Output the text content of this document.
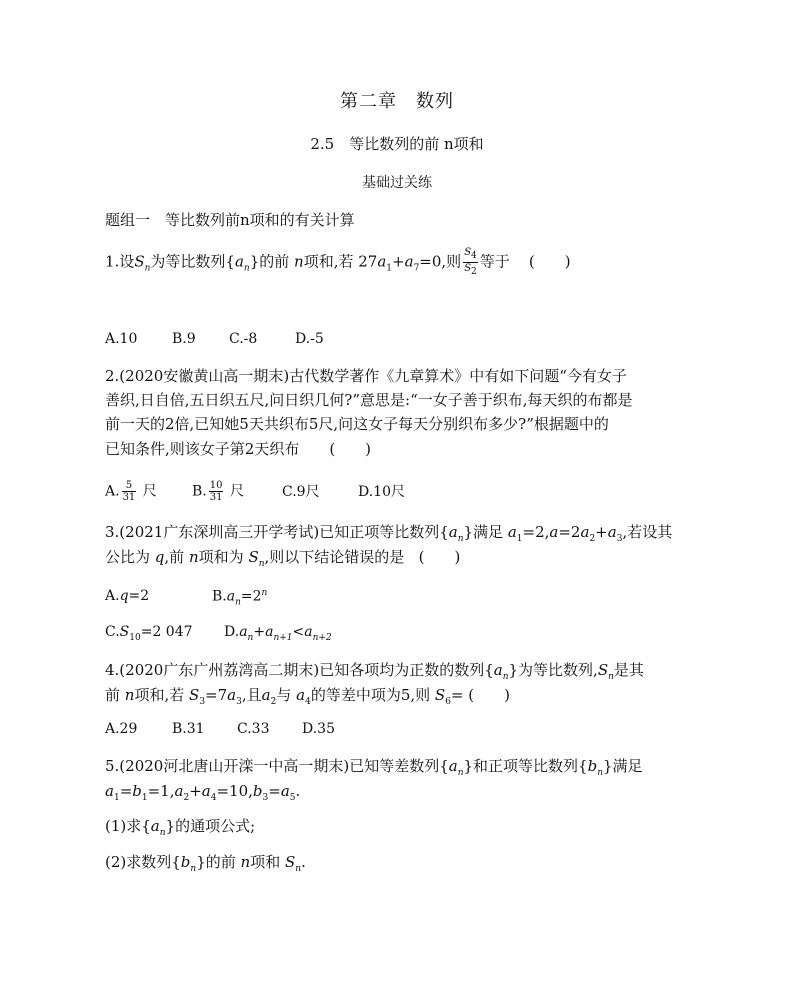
第二章　数列
2.5　等比数列的前 n项和
基础过关练
题组一　等比数列前n项和的有关计算
1.设$S_n$为等比数列$\{a_n\}$的前 n项和,若 $27a_1+a_7=0$,则 $\frac{S_4}{S_2}$ 等于 (　　)
A.10 B.9 C.-8	D.-5
2.(2020安徽黄山高一期末)古代数学著作《九章算术》中有如下问题“今有女子
善织,日自倍,五日织五尺,问日织几何?”意思是:“一女子善于织布,每天织的布都是
前一天的2倍,已知她5天共织布5尺,问这女子每天分别织布多少?”根据题中的
已知条件,则该女子第2天织布　　(　　)
A. $\frac{5}{31}$ 尺	B. $\frac{10}{31}$ 尺	C.9尺	D.10尺
3.(2021广东深圳高三开学考试)已知正项等比数列$\{a_n\}$满足 $a_1=2,a=2a_2+a_3$,若设其
公比为 q,前 n项和为 $S_n$,则以下结论错误的是 (　　)
A.q=2	$B.a_n=2^n$
$C.S_{10}=2$ 047 $D.a_n+a_{n+1}<a_{n+2}$
4.(2020广东广州荔湾高二期末)已知各项均为正数的数列$\{a_n\}$为等比数列$,S_n$是其
前 n项和,若 $S_3=7a_3$,且$a_2$与 $a_4$的等差中项为5,则 $S_6=$ (　　)
A.29 B.31 C.33 D.35
5.(2020河北唐山开滦一中高一期末)已知等差数列$\{a_n\}$和正项等比数列$\{b_n\}$满足
$a_1=b_1=1,a_2+a_4=10,b_3=a_5$.
(1)求$\{a_n\}$的通项公式;
(2)求数列$\{b_n\}$的前 n项和 $S_n$.
